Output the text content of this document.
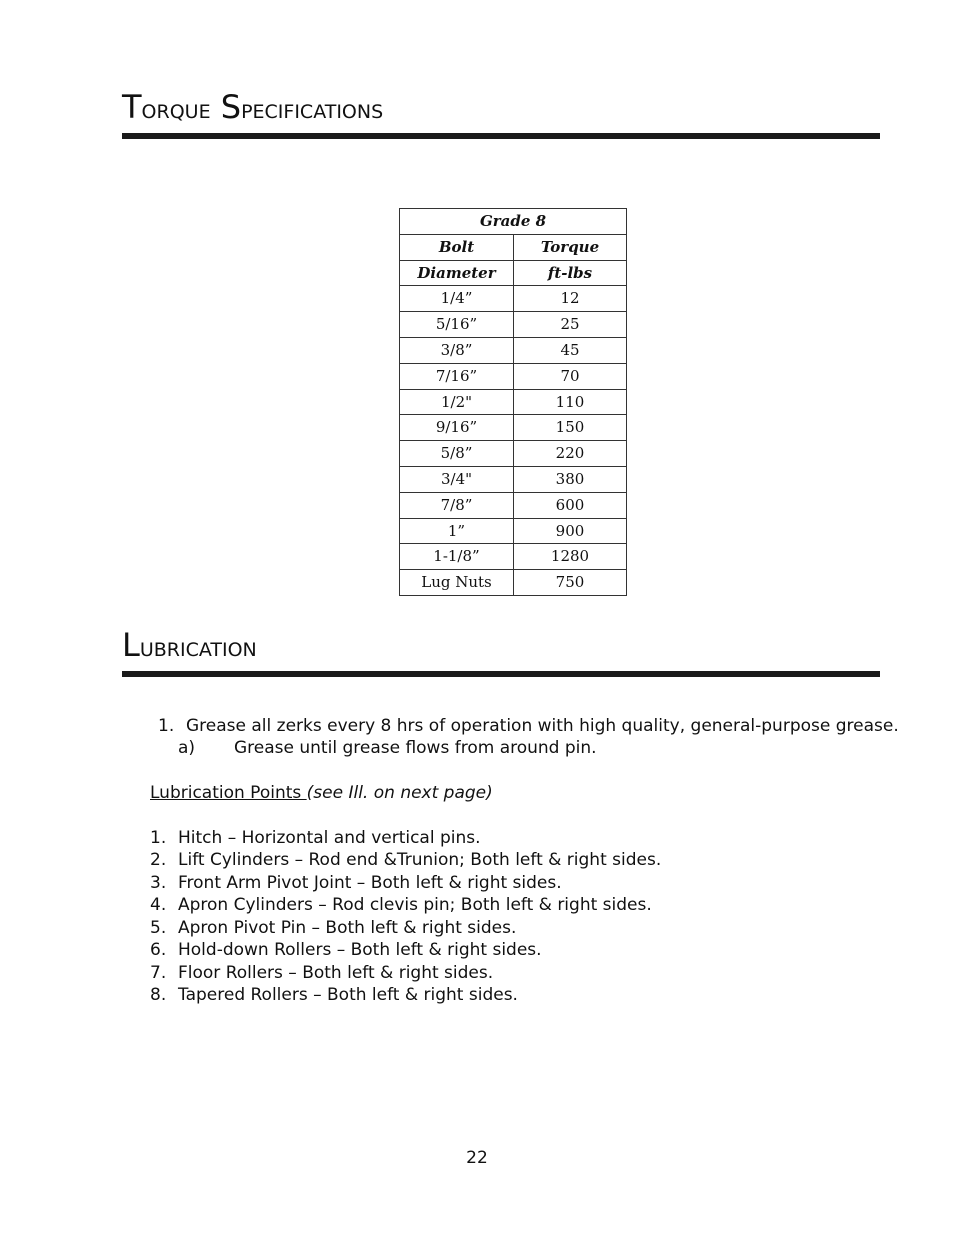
Torque Specifications
Grade 8	
Bolt	Torque
Diameter	ft-lbs
1/4”	12
5/16”	25
3/8”	45
7/16”	70
1/2"	110
9/16”	150
5/8”	220
3/4"	380
7/8”	600
1”	900
1-1/8”	1280
Lug Nuts	750
Lubrication
1. Grease all zerks every 8 hrs of operation with high quality, general-purpose grease.
a) Grease until grease flows from around pin.
Lubrication Points (see Ill. on next page)
1. Hitch – Horizontal and vertical pins.
2. Lift Cylinders – Rod end &Trunion; Both left & right sides.
3. Front Arm Pivot Joint – Both left & right sides.
4. Apron Cylinders – Rod clevis pin; Both left & right sides.
5. Apron Pivot Pin – Both left & right sides.
6. Hold-down Rollers – Both left & right sides.
7. Floor Rollers – Both left & right sides.
8. Tapered Rollers – Both left & right sides.
22
